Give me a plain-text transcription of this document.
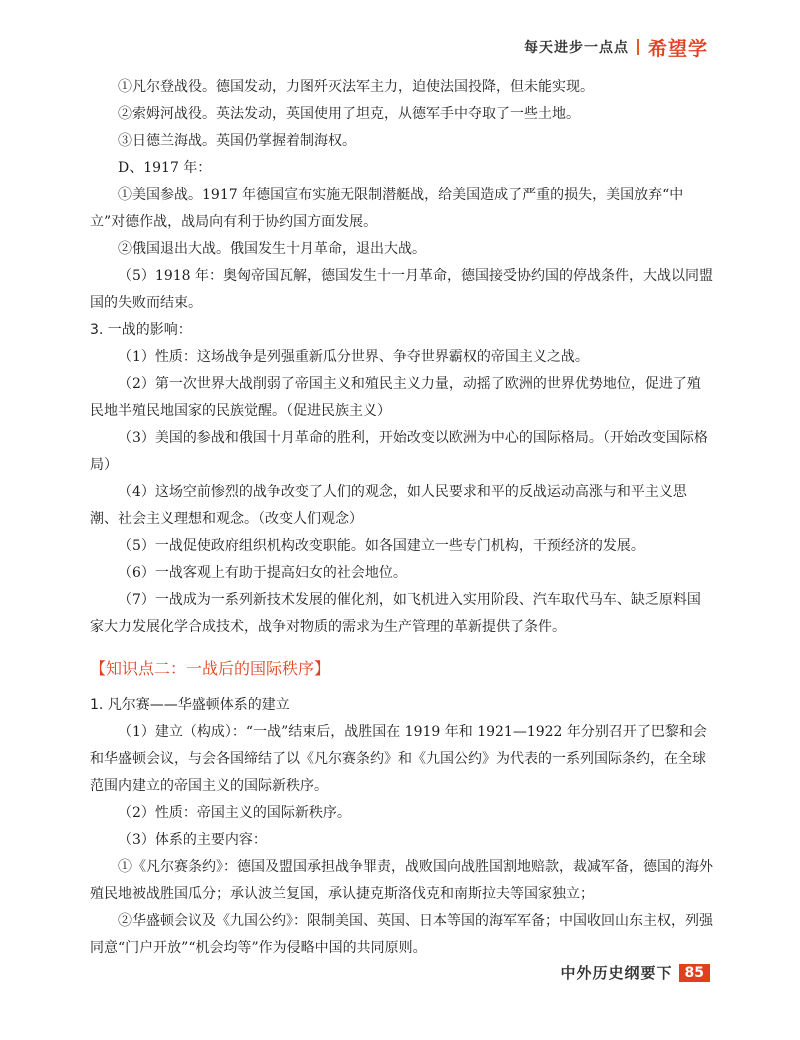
每天进步一点点 希望学

①凡尔登战役。德国发动，力图歼灭法军主力，迫使法国投降，但未能实现。

②索姆河战役。英法发动，英国使用了坦克，从德军手中夺取了一些土地。

③日德兰海战。英国仍掌握着制海权。

D、1917 年：

①美国参战。1917 年德国宣布实施无限制潜艇战，给美国造成了严重的损失，美国放弃“中立”对德作战，战局向有利于协约国方面发展。

②俄国退出大战。俄国发生十月革命，退出大战。

（5）1918 年：奥匈帝国瓦解，德国发生十一月革命，德国接受协约国的停战条件，大战以同盟国的失败而结束。

3. 一战的影响：

（1）性质：这场战争是列强重新瓜分世界、争夺世界霸权的帝国主义之战。

（2）第一次世界大战削弱了帝国主义和殖民主义力量，动摇了欧洲的世界优势地位，促进了殖民地半殖民地国家的民族觉醒。（促进民族主义）

（3）美国的参战和俄国十月革命的胜利，开始改变以欧洲为中心的国际格局。（开始改变国际格局）

（4）这场空前惨烈的战争改变了人们的观念，如人民要求和平的反战运动高涨与和平主义思潮、社会主义理想和观念。（改变人们观念）

（5）一战促使政府组织机构改变职能。如各国建立一些专门机构，干预经济的发展。

（6）一战客观上有助于提高妇女的社会地位。

（7）一战成为一系列新技术发展的催化剂，如飞机进入实用阶段、汽车取代马车、缺乏原料国家大力发展化学合成技术，战争对物质的需求为生产管理的革新提供了条件。

【知识点二：一战后的国际秩序】

1. 凡尔赛——华盛顿体系的建立

（1）建立（构成）：“一战”结束后，战胜国在 1919 年和 1921—1922 年分别召开了巴黎和会和华盛顿会议，与会各国缔结了以《凡尔赛条约》和《九国公约》为代表的一系列国际条约，在全球范围内建立的帝国主义的国际新秩序。

（2）性质：帝国主义的国际新秩序。

（3）体系的主要内容：

①《凡尔赛条约》：德国及盟国承担战争罪责，战败国向战胜国割地赔款，裁减军备，德国的海外殖民地被战胜国瓜分；承认波兰复国，承认捷克斯洛伐克和南斯拉夫等国家独立；

②华盛顿会议及《九国公约》：限制美国、英国、日本等国的海军军备；中国收回山东主权，列强同意“门户开放”“机会均等”作为侵略中国的共同原则。

中外历史纲要下 85
